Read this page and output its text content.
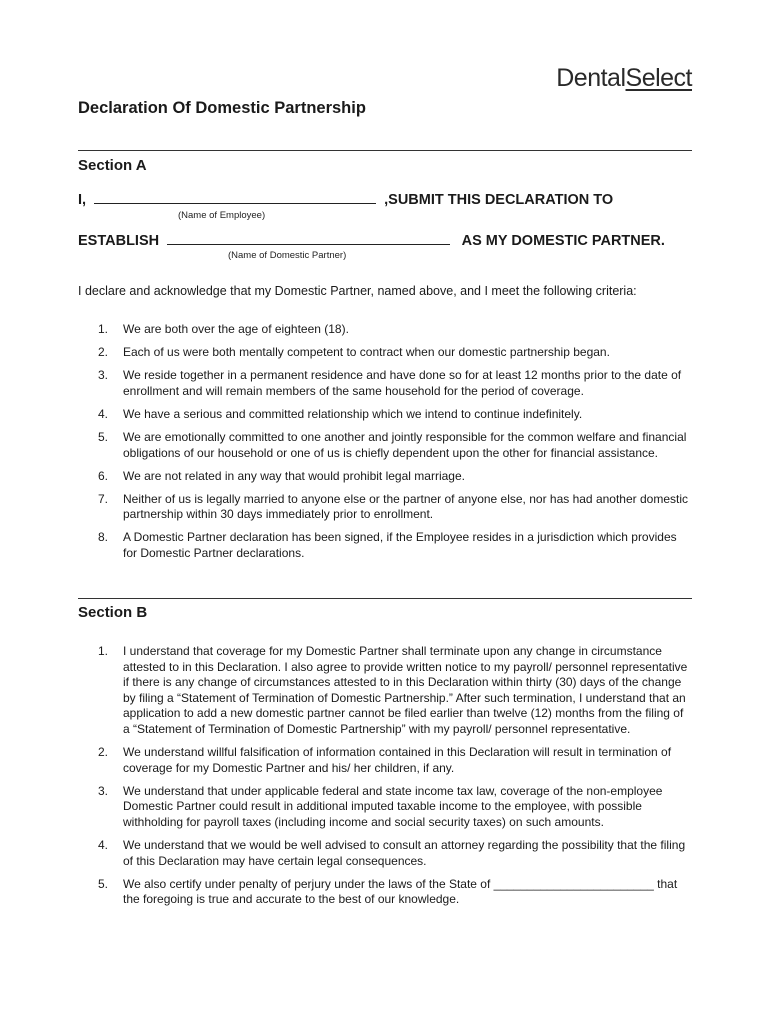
DentalSelect
Declaration Of Domestic Partnership
Section A
I,	,SUBMIT THIS DECLARATION TO
(Name of Employee)
ESTABLISH	AS MY DOMESTIC PARTNER.
(Name of Domestic Partner)

I declare and acknowledge that my Domestic Partner, named above, and I meet the following criteria:

1. We are both over the age of eighteen (18).
2. Each of us were both mentally competent to contract when our domestic partnership began.
3. We reside together in a permanent residence and have done so for at least 12 months prior to the date of enrollment and will remain members of the same household for the period of coverage.
4. We have a serious and committed relationship which we intend to continue indefinitely.
5. We are emotionally committed to one another and jointly responsible for the common welfare and financial obligations of our household or one of us is chiefly dependent upon the other for financial assistance.
6. We are not related in any way that would prohibit legal marriage.
7. Neither of us is legally married to anyone else or the partner of anyone else, nor has had another domestic partnership within 30 days immediately prior to enrollment.
8. A Domestic Partner declaration has been signed, if the Employee resides in a jurisdiction which provides for Domestic Partner declarations.
Section B
1. I understand that coverage for my Domestic Partner shall terminate upon any change in circumstance attested to in this Declaration. I also agree to provide written notice to my payroll/ personnel representative if there is any change of circumstances attested to in this Declaration within thirty (30) days of the change by filing a “Statement of Termination of Domestic Partnership.” After such termination, I understand that an application to add a new domestic partner cannot be filed earlier than twelve (12) months from the filing of a “Statement of Termination of Domestic Partnership” with my payroll/ personnel representative.
2. We understand willful falsification of information contained in this Declaration will result in termination of coverage for my Domestic Partner and his/ her children, if any.
3. We understand that under applicable federal and state income tax law, coverage of the non-employee Domestic Partner could result in additional imputed taxable income to the employee, with possible withholding for payroll taxes (including income and social security taxes) on such amounts.
4. We understand that we would be well advised to consult an attorney regarding the possibility that the filing of this Declaration may have certain legal consequences.
5. We also certify under penalty of perjury under the laws of the State of ________________________ that the foregoing is true and accurate to the best of our knowledge.
